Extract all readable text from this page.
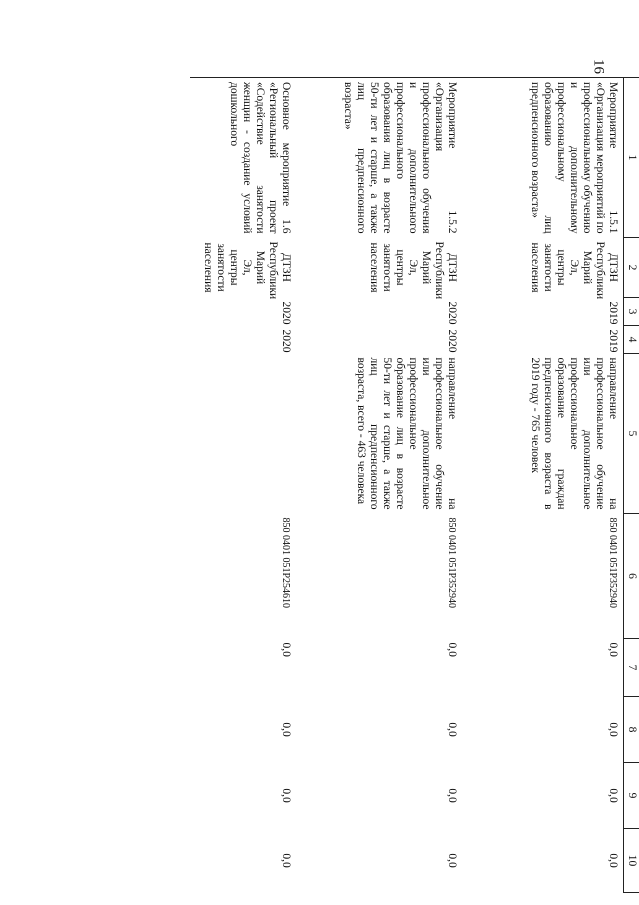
16
1	2	3	4	5	6	7	8	9	10
Мероприятие 1.5.1 «Организация мероприятий по профессиональному обучению и дополнительному профессиональному образованию лиц предпенсионного возраста»	ДТЗН Республики Марий Эл, центры занятости населения	2019	2019	направление на профессиональное обучение или дополнительное профессиональное образование граждан предпенсионного возраста в 2019 году - 765 человек	850 0401 051P352940	0,0	0,0	0,0	0,0
Мероприятие 1.5.2 «Организация профессионального обучения и дополнительного профессионального образования лиц в возрасте 50-ти лет и старше, а также лиц предпенсионного возраста»	ДТЗН Республики Марий Эл, центры занятости населения	2020	2020	направление на профессиональное обучение или дополнительное профессиональное образование лиц в возрасте 50-ти лет и старше, а также лиц предпенсионного возраста, всего - 463 человека	850 0401 051P352940	0,0	0,0	0,0	0,0
Основное мероприятие 1.6 «Региональный проект «Содействие занятости женщин - создание условий дошкольного	ДТЗН Республики Марий Эл, центры занятости населения	2020	2020		850 0401 051P254610	0,0	0,0	0,0	0,0
